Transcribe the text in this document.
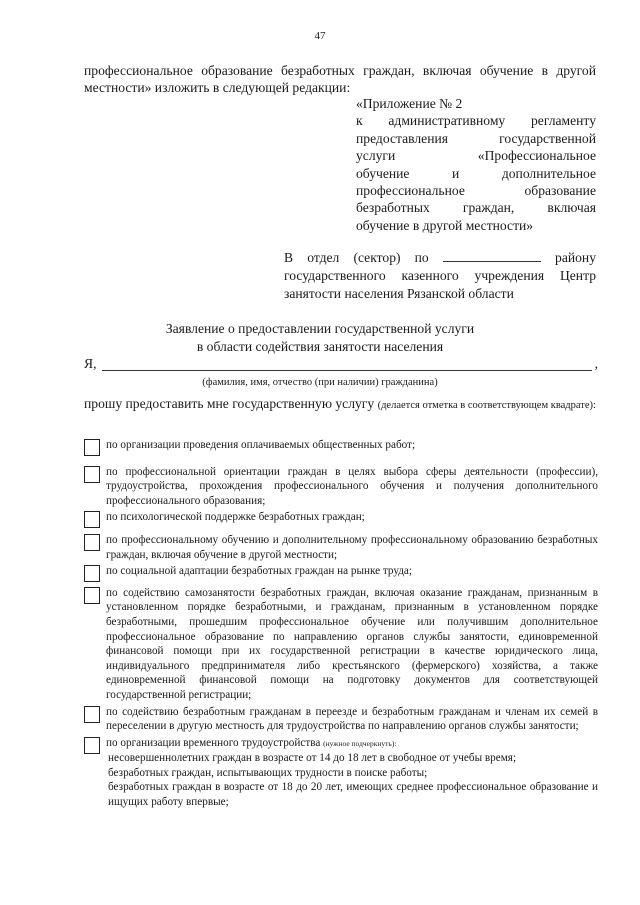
47
профессиональное образование безработных граждан, включая обучение в другой местности» изложить в следующей редакции:
«Приложение № 2
к административному регламенту
предоставления государственной
услуги «Профессиональное
обучение и дополнительное
профессиональное образование
безработных граждан, включая
обучение в другой местности»
В отдел (сектор) по	району
государственного казенного учреждения Центр
занятости населения Рязанской области
Заявление о предоставлении государственной услуги
в области содействия занятости населения
Я,	,
(фамилия, имя, отчество (при наличии) гражданина)
прошу предоставить мне государственную услугу (делается отметка в соответствующем квадрате):
по организации проведения оплачиваемых общественных работ;
по профессиональной ориентации граждан в целях выбора сферы деятельности (профессии), трудоустройства, прохождения профессионального обучения и получения дополнительного профессионального образования;
по психологической поддержке безработных граждан;
по профессиональному обучению и дополнительному профессиональному образованию безработных граждан, включая обучение в другой местности;
по социальной адаптации безработных граждан на рынке труда;
по содействию самозанятости безработных граждан, включая оказание гражданам, признанным в установленном порядке безработными, и гражданам, признанным в установленном порядке безработными, прошедшим профессиональное обучение или получившим дополнительное профессиональное образование по направлению органов службы занятости, единовременной финансовой помощи при их государственной регистрации в качестве юридического лица, индивидуального предпринимателя либо крестьянского (фермерского) хозяйства, а также единовременной финансовой помощи на подготовку документов для соответствующей государственной регистрации;
по содействию безработным гражданам в переезде и безработным гражданам и членам их семей в переселении в другую местность для трудоустройства по направлению органов службы занятости;
по организации временного трудоустройства (нужное подчеркнуть):
несовершеннолетних граждан в возрасте от 14 до 18 лет в свободное от учебы время;
безработных граждан, испытывающих трудности в поиске работы;
безработных граждан в возрасте от 18 до 20 лет, имеющих среднее профессиональное образование и ищущих работу впервые;
